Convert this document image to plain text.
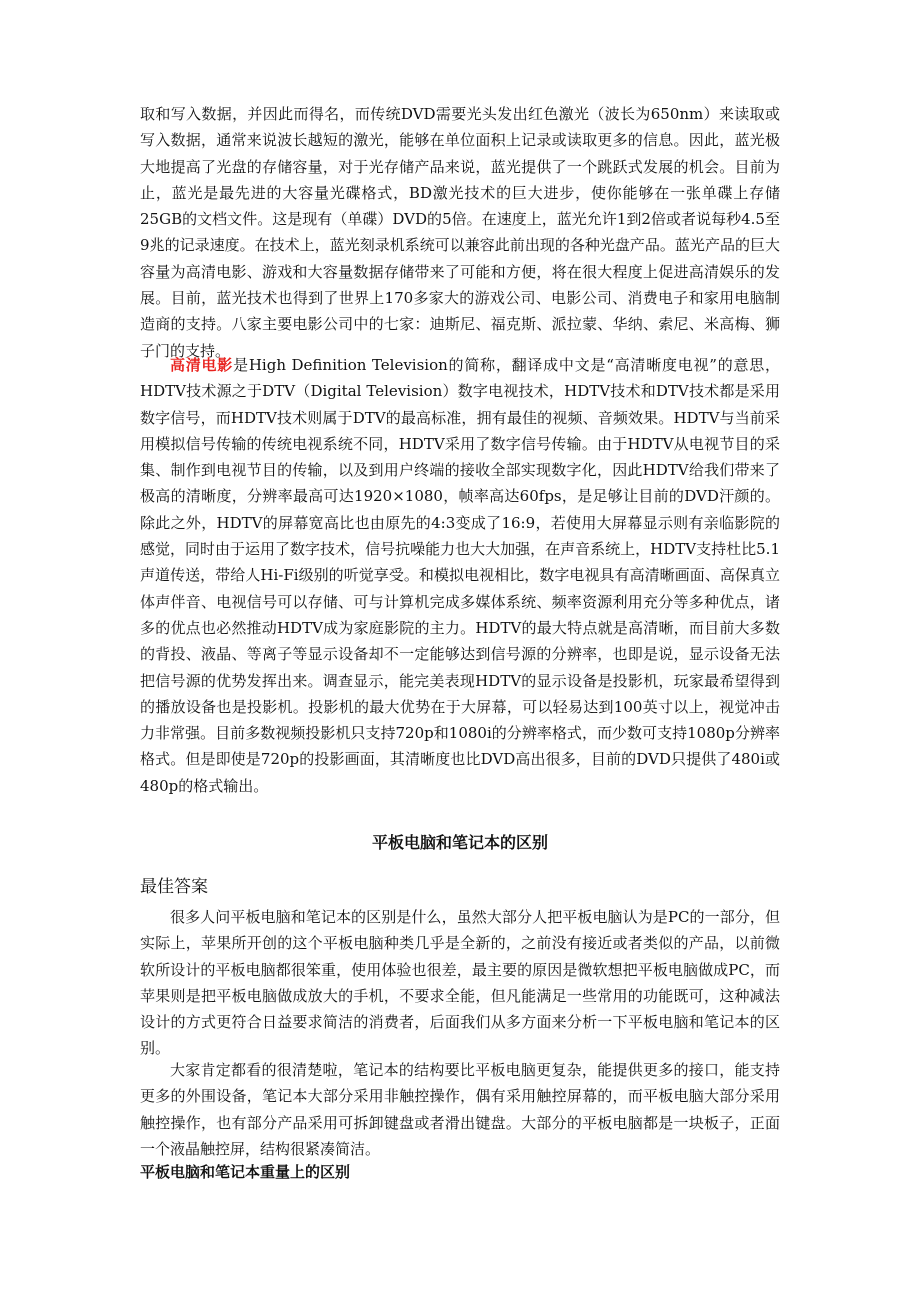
取和写入数据，并因此而得名，而传统DVD需要光头发出红色激光（波长为650nm）来读取或写入数据，通常来说波长越短的激光，能够在单位面积上记录或读取更多的信息。因此，蓝光极大地提高了光盘的存储容量，对于光存储产品来说，蓝光提供了一个跳跃式发展的机会。目前为止，蓝光是最先进的大容量光碟格式，BD激光技术的巨大进步，使你能够在一张单碟上存储25GB的文档文件。这是现有（单碟）DVD的5倍。在速度上，蓝光允许1到2倍或者说每秒4.5至9兆的记录速度。在技术上，蓝光刻录机系统可以兼容此前出现的各种光盘产品。蓝光产品的巨大容量为高清电影、游戏和大容量数据存储带来了可能和方便，将在很大程度上促进高清娱乐的发展。目前，蓝光技术也得到了世界上170多家大的游戏公司、电影公司、消费电子和家用电脑制造商的支持。八家主要电影公司中的七家：迪斯尼、福克斯、派拉蒙、华纳、索尼、米高梅、狮子门的支持。
高清电影是High Definition Television的简称，翻译成中文是“高清晰度电视”的意思，HDTV技术源之于DTV（Digital Television）数字电视技术，HDTV技术和DTV技术都是采用数字信号，而HDTV技术则属于DTV的最高标准，拥有最佳的视频、音频效果。HDTV与当前采用模拟信号传输的传统电视系统不同，HDTV采用了数字信号传输。由于HDTV从电视节目的采集、制作到电视节目的传输，以及到用户终端的接收全部实现数字化，因此HDTV给我们带来了极高的清晰度，分辨率最高可达1920×1080，帧率高达60fps，是足够让目前的DVD汗颜的。除此之外，HDTV的屏幕宽高比也由原先的4:3变成了16:9，若使用大屏幕显示则有亲临影院的感觉，同时由于运用了数字技术，信号抗噪能力也大大加强，在声音系统上，HDTV支持杜比5.1声道传送，带给人Hi-Fi级别的听觉享受。和模拟电视相比，数字电视具有高清晰画面、高保真立体声伴音、电视信号可以存储、可与计算机完成多媒体系统、频率资源利用充分等多种优点，诸多的优点也必然推动HDTV成为家庭影院的主力。HDTV的最大特点就是高清晰，而目前大多数的背投、液晶、等离子等显示设备却不一定能够达到信号源的分辨率，也即是说，显示设备无法把信号源的优势发挥出来。调查显示，能完美表现HDTV的显示设备是投影机，玩家最希望得到的播放设备也是投影机。投影机的最大优势在于大屏幕，可以轻易达到100英寸以上，视觉冲击力非常强。目前多数视频投影机只支持720p和1080i的分辨率格式，而少数可支持1080p分辨率格式。但是即使是720p的投影画面，其清晰度也比DVD高出很多，目前的DVD只提供了480i或480p的格式输出。
平板电脑和笔记本的区别
最佳答案
很多人问平板电脑和笔记本的区别是什么，虽然大部分人把平板电脑认为是PC的一部分，但实际上，苹果所开创的这个平板电脑种类几乎是全新的，之前没有接近或者类似的产品，以前微软所设计的平板电脑都很笨重，使用体验也很差，最主要的原因是微软想把平板电脑做成PC，而苹果则是把平板电脑做成放大的手机，不要求全能，但凡能满足一些常用的功能既可，这种减法设计的方式更符合日益要求简洁的消费者，后面我们从多方面来分析一下平板电脑和笔记本的区别。
大家肯定都看的很清楚啦，笔记本的结构要比平板电脑更复杂，能提供更多的接口，能支持更多的外围设备，笔记本大部分采用非触控操作，偶有采用触控屏幕的，而平板电脑大部分采用触控操作，也有部分产品采用可拆卸键盘或者滑出键盘。大部分的平板电脑都是一块板子，正面一个液晶触控屏，结构很紧凑简洁。
平板电脑和笔记本重量上的区别
